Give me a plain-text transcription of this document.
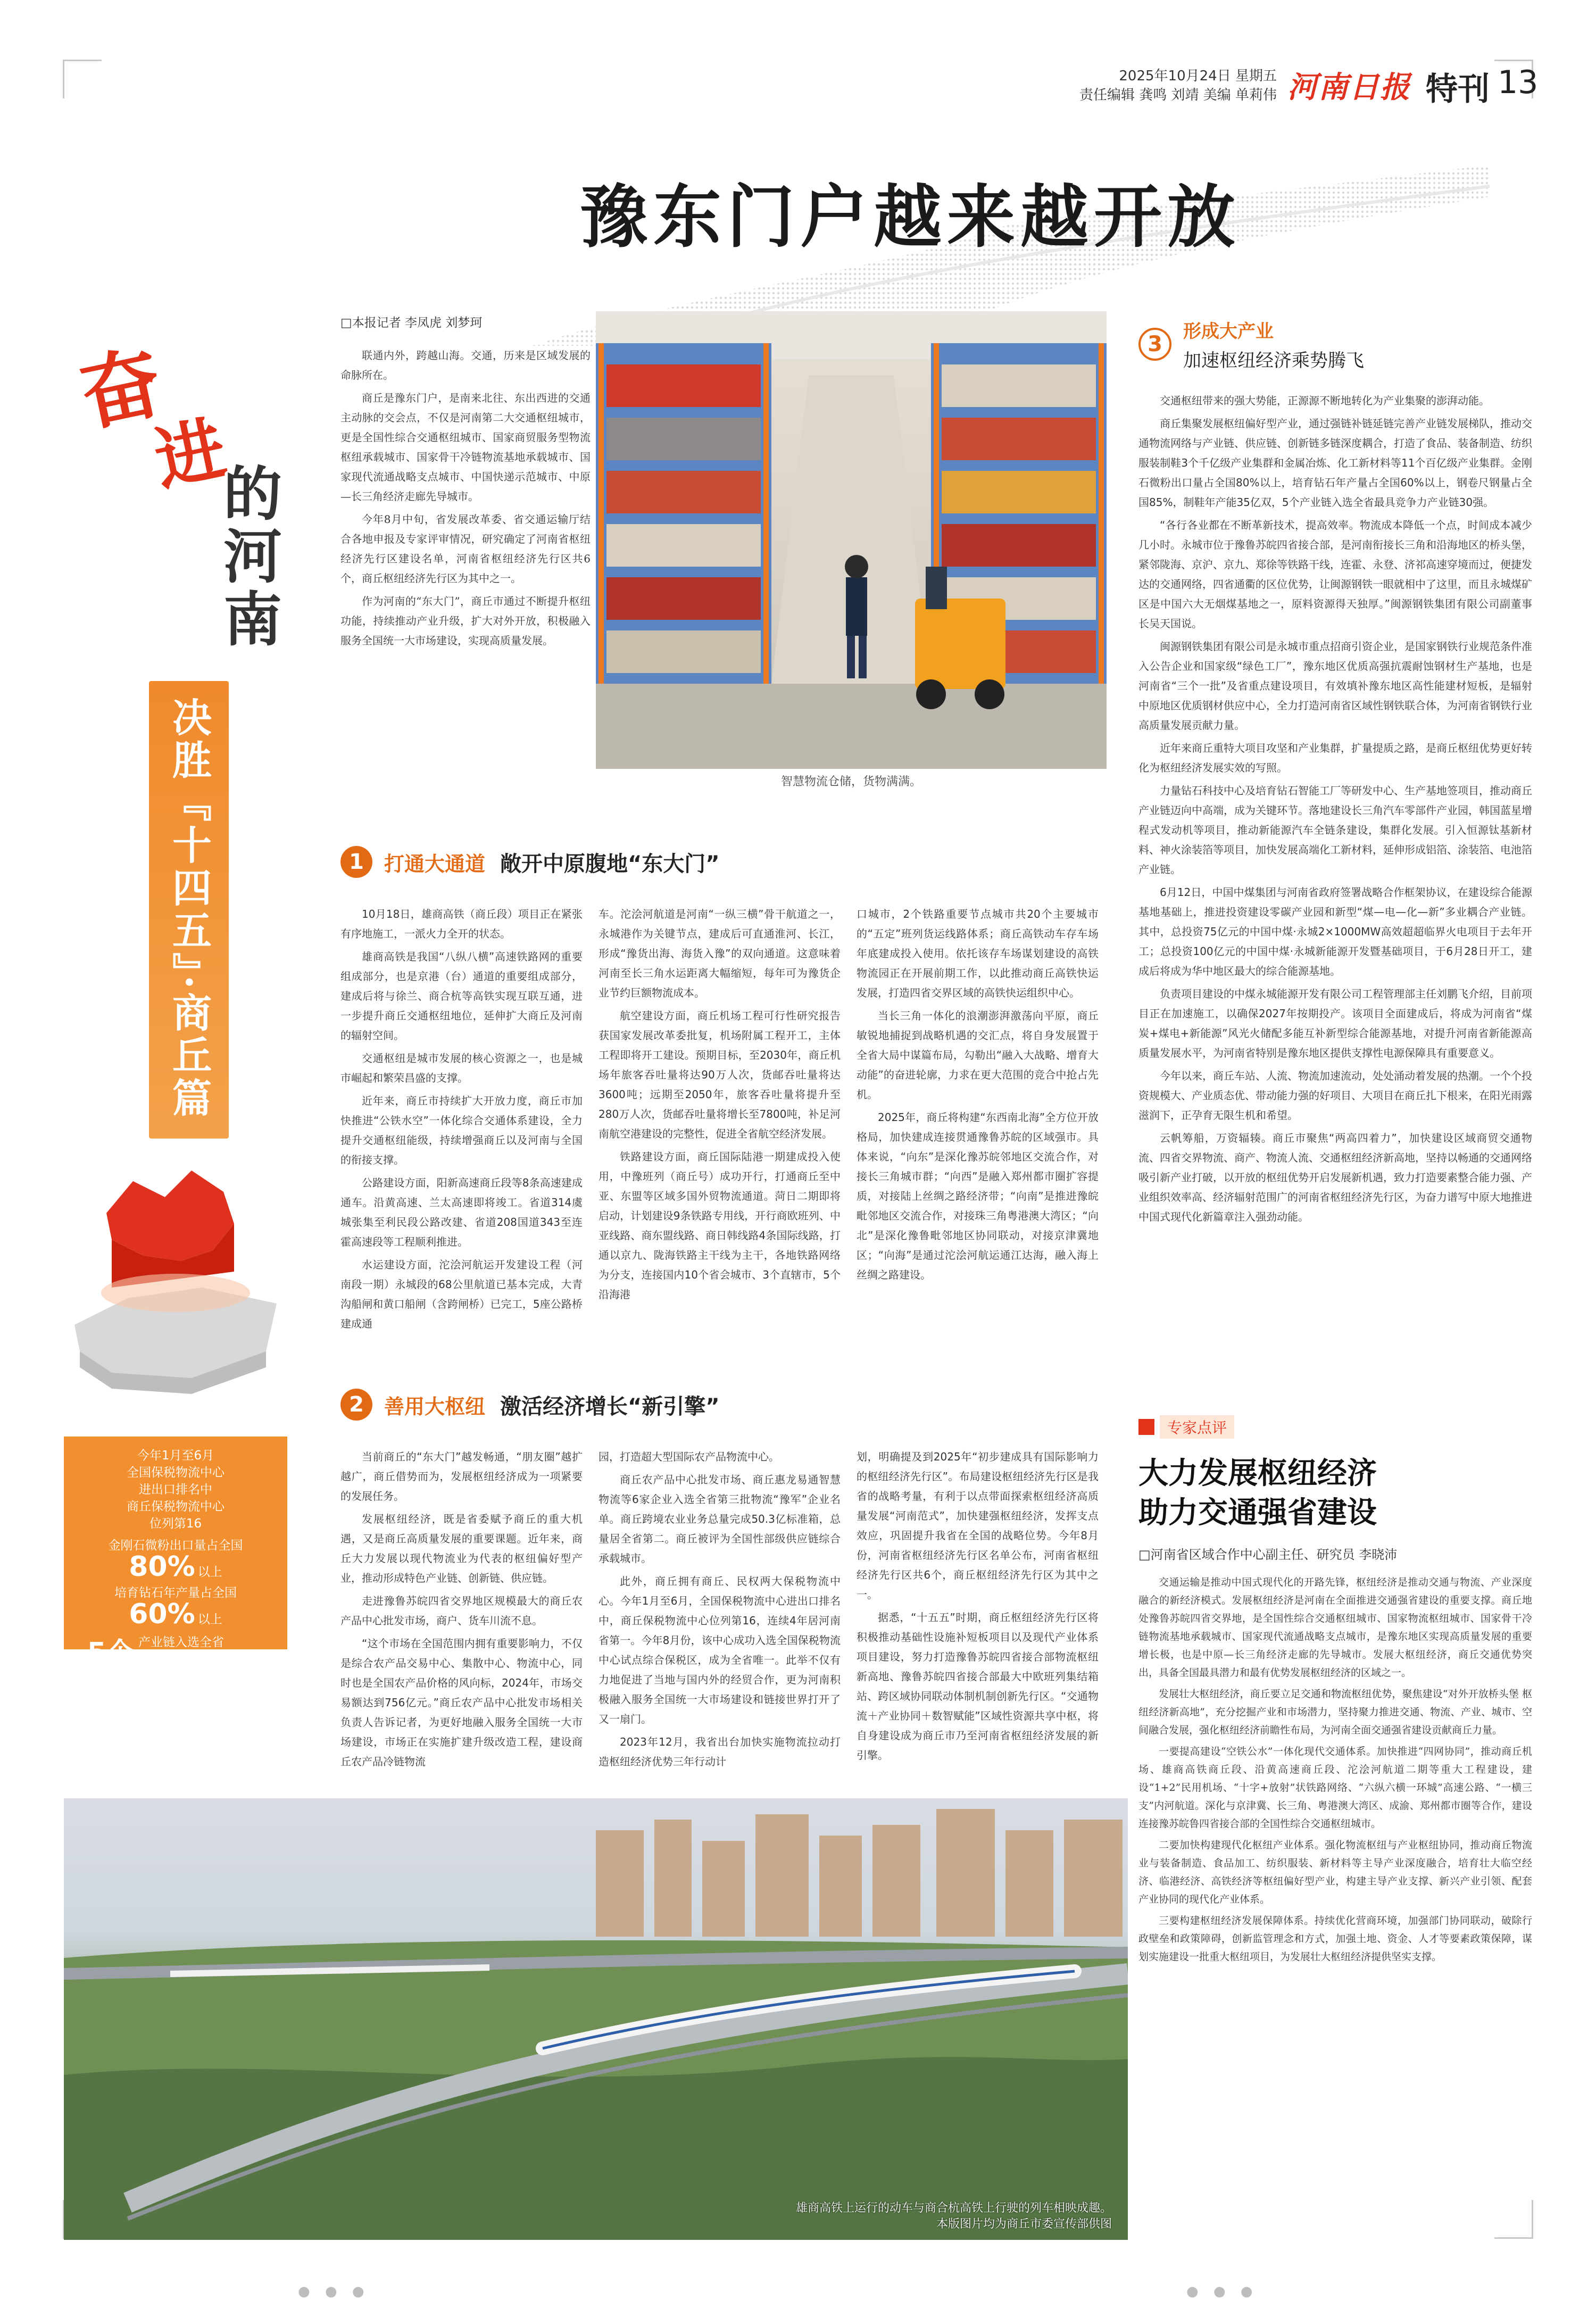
2025年10月24日 星期五
责任编辑 龚鸣 刘靖 美编 单莉伟 河南日报 特刊 13
豫东门户越来越开放
奋
进
的河南
决胜『十四五』·商丘篇
今年1月至6月
全国保税物流中心
进出口排名中
商丘保税物流中心
位列第16
金刚石微粉出口量占全国
80% 以上
培育钻石年产量占全国
60% 以上
5个 产业链入选全省
最具竞争力产业链30强
□本报记者 李凤虎 刘梦珂

联通内外，跨越山海。交通，历来是区域发展的命脉所在。

商丘是豫东门户，是南来北往、东出西进的交通主动脉的交会点，不仅是河南第二大交通枢纽城市，更是全国性综合交通枢纽城市、国家商贸服务型物流枢纽承载城市、国家骨干冷链物流基地承载城市、国家现代流通战略支点城市、中国快递示范城市、中原—长三角经济走廊先导城市。

今年8月中旬，省发展改革委、省交通运输厅结合各地申报及专家评审情况，研究确定了河南省枢纽经济先行区建设名单，河南省枢纽经济先行区共6个，商丘枢纽经济先行区为其中之一。

作为河南的“东大门”，商丘市通过不断提升枢纽功能，持续推动产业升级，扩大对外开放，积极融入服务全国统一大市场建设，实现高质量发展。

智慧物流仓储，货物满满。
3
形成大产业
加速枢纽经济乘势腾飞

交通枢纽带来的强大势能，正源源不断地转化为产业集聚的澎湃动能。

商丘集聚发展枢纽偏好型产业，通过强链补链延链完善产业链发展梯队，推动交通物流网络与产业链、供应链、创新链多链深度耦合，打造了食品、装备制造、纺织服装制鞋3个千亿级产业集群和金属冶炼、化工新材料等11个百亿级产业集群。金刚石微粉出口量占全国80%以上，培育钻石年产量占全国60%以上，钢卷尺钢量占全国85%，制鞋年产能35亿双，5个产业链入选全省最具竞争力产业链30强。

“各行各业都在不断革新技术，提高效率。物流成本降低一个点，时间成本减少几小时。永城市位于豫鲁苏皖四省接合部，是河南衔接长三角和沿海地区的桥头堡，紧邻陇海、京沪、京九、郑徐等铁路干线，连霍、永登、济祁高速穿境而过，便捷发达的交通网络，四省通衢的区位优势，让闽源钢铁一眼就相中了这里，而且永城煤矿区是中国六大无烟煤基地之一，原料资源得天独厚。”闽源钢铁集团有限公司副董事长吴天国说。

闽源钢铁集团有限公司是永城市重点招商引资企业，是国家钢铁行业规范条件准入公告企业和国家级“绿色工厂”，豫东地区优质高强抗震耐蚀钢材生产基地，也是河南省“三个一批”及省重点建设项目，有效填补豫东地区高性能建材短板，是辐射中原地区优质钢材供应中心，全力打造河南省区域性钢铁联合体，为河南省钢铁行业高质量发展贡献力量。

近年来商丘重特大项目攻坚和产业集群，扩量提质之路，是商丘枢纽优势更好转化为枢纽经济发展实效的写照。

力量钻石科技中心及培育钻石智能工厂等研发中心、生产基地签项目，推动商丘产业链迈向中高端，成为关键环节。落地建设长三角汽车零部件产业园，韩国蓝星增程式发动机等项目，推动新能源汽车全链条建设，集群化发展。引入恒源钛基新材料、神火涂装箔等项目，加快发展高端化工新材料，延伸形成铝箔、涂装箔、电池箔产业链。

6月12日，中国中煤集团与河南省政府签署战略合作框架协议，在建设综合能源基地基础上，推进投资建设零碳产业园和新型“煤—电—化—新”多业耦合产业链。其中，总投资75亿元的中国中煤·永城2×1000MW高效超超临界火电项目于去年开工；总投资100亿元的中国中煤·永城新能源开发暨基础项目，于6月28日开工，建成后将成为华中地区最大的综合能源基地。

负责项目建设的中煤永城能源开发有限公司工程管理部主任刘鹏飞介绍，目前项目正在加速施工，以确保2027年按期投产。该项目全面建成后，将成为河南省“煤炭+煤电+新能源”风光火储配多能互补新型综合能源基地，对提升河南省新能源高质量发展水平，为河南省特别是豫东地区提供支撑性电源保障具有重要意义。

今年以来，商丘车站、人流、物流加速流动，处处涌动着发展的热潮。一个个投资规模大、产业质态优、带动能力强的好项目、大项目在商丘扎下根来，在阳光雨露滋润下，正孕育无限生机和希望。

云帆筹船，万资辐辏。商丘市聚焦“两高四着力”，加快建设区域商贸交通物流、四省交界物流、商产、物流人流、交通枢纽经济新高地，坚持以畅通的交通网络吸引新产业打破，以开放的枢纽优势开启发展新机遇，致力打造要素整合能力强、产业组织效率高、经济辐射范围广的河南省枢纽经济先行区，为奋力谱写中原大地推进中国式现代化新篇章注入强劲动能。

1	打通大通道 敞开中原腹地“东大门”

10月18日，雄商高铁（商丘段）项目正在紧张有序地施工，一派火力全开的状态。

雄商高铁是我国“八纵八横”高速铁路网的重要组成部分，也是京港（台）通道的重要组成部分，建成后将与徐兰、商合杭等高铁实现互联互通，进一步提升商丘交通枢纽地位，延伸扩大商丘及河南的辐射空间。

交通枢纽是城市发展的核心资源之一，也是城市崛起和繁荣昌盛的支撑。

近年来，商丘市持续扩大开放力度，商丘市加快推进“公铁水空”一体化综合交通体系建设，全力提升交通枢纽能级，持续增强商丘以及河南与全国的衔接支撑。

公路建设方面，阳新高速商丘段等8条高速建成通车。沿黄高速、兰太高速即将竣工。省道314虞城张集至利民段公路改建、省道208国道343至连霍高速段等工程顺利推进。

水运建设方面，沱浍河航运开发建设工程（河南段一期）永城段的68公里航道已基本完成，大青沟船闸和黄口船闸（含跨闸桥）已完工，5座公路桥建成通

车。沱浍河航道是河南“一纵三横”骨干航道之一，永城港作为关键节点，建成后可直通淮河、长江，形成“豫货出海、海货入豫”的双向通道。这意味着河南至长三角水运距离大幅缩短，每年可为豫货企业节约巨额物流成本。

航空建设方面，商丘机场工程可行性研究报告获国家发展改革委批复，机场附属工程开工，主体工程即将开工建设。预期目标，至2030年，商丘机场年旅客吞吐量将达90万人次，货邮吞吐量将达3600吨；远期至2050年，旅客吞吐量将提升至280万人次，货邮吞吐量将增长至7800吨，补足河南航空港建设的完整性，促进全省航空经济发展。

铁路建设方面，商丘国际陆港一期建成投入使用，中豫班列（商丘号）成功开行，打通商丘至中亚、东盟等区域多国外贸物流通道。菏日二期即将启动，计划建设9条铁路专用线，开行商欧班列、中亚线路、商东盟线路、商日韩线路4条国际线路，打通以京九、陇海铁路主干线为主干，各地铁路网络为分支，连接国内10个省会城市、3个直辖市，5个沿海港

口城市，2个铁路重要节点城市共20个主要城市的“五定”班列货运线路体系；商丘高铁动车存车场年底建成投入使用。依托该存车场谋划建设的高铁物流园正在开展前期工作，以此推动商丘高铁快运发展，打造四省交界区域的高铁快运组织中心。

当长三角一体化的浪潮澎湃激荡向平原，商丘敏锐地捕捉到战略机遇的交汇点，将自身发展置于全省大局中谋篇布局，勾勒出“融入大战略、增育大动能”的奋进轮廓，力求在更大范围的竞合中抢占先机。

2025年，商丘将构建“东西南北海”全方位开放格局，加快建成连接贯通豫鲁苏皖的区域强市。具体来说，“向东”是深化豫苏皖邻地区交流合作，对接长三角城市群；“向西”是融入郑州都市圈扩容提质，对接陆上丝绸之路经济带；“向南”是推进豫皖毗邻地区交流合作，对接珠三角粤港澳大湾区；“向北”是深化豫鲁毗邻地区协同联动，对接京津冀地区；“向海”是通过沱浍河航运通江达海，融入海上丝绸之路建设。

2	善用大枢纽 激活经济增长“新引擎”

当前商丘的“东大门”越发畅通，“朋友圈”越扩越广，商丘借势而为，发展枢纽经济成为一项紧要的发展任务。

发展枢纽经济，既是省委赋予商丘的重大机遇，又是商丘高质量发展的重要课题。近年来，商丘大力发展以现代物流业为代表的枢纽偏好型产业，推动形成特色产业链、创新链、供应链。

走进豫鲁苏皖四省交界地区规模最大的商丘农产品中心批发市场，商户、货车川流不息。

“这个市场在全国范围内拥有重要影响力，不仅是综合农产品交易中心、集散中心、物流中心，同时也是全国农产品价格的风向标，2024年，市场交易额达到756亿元。”商丘农产品中心批发市场相关负责人告诉记者，为更好地融入服务全国统一大市场建设，市场正在实施扩建升级改造工程，建设商丘农产品冷链物流

园，打造超大型国际农产品物流中心。

商丘农产品中心批发市场、商丘惠龙易通智慧物流等6家企业入选全省第三批物流“豫军”企业名单。商丘跨境农业业务总量完成50.3亿标准箱，总量居全省第二。商丘被评为全国性部级供应链综合承载城市。

此外，商丘拥有商丘、民权两大保税物流中心。今年1月至6月，全国保税物流中心进出口排名中，商丘保税物流中心位列第16，连续4年居河南省第一。今年8月份，该中心成功入选全国保税物流中心试点综合保税区，成为全省唯一。此举不仅有力地促进了当地与国内外的经贸合作，更为河南积极融入服务全国统一大市场建设和链接世界打开了又一扇门。

2023年12月，我省出台加快实施物流拉动打造枢纽经济优势三年行动计

划，明确提及到2025年“初步建成具有国际影响力的枢纽经济先行区”。布局建设枢纽经济先行区是我省的战略考量，有利于以点带面探索枢纽经济高质量发展“河南范式”，加快建强枢纽经济，发挥支点效应，巩固提升我省在全国的战略位势。今年8月份，河南省枢纽经济先行区名单公布，河南省枢纽经济先行区共6个，商丘枢纽经济先行区为其中之一。

据悉，“十五五”时期，商丘枢纽经济先行区将积极推动基础性设施补短板项目以及现代产业体系项目建设，努力打造豫鲁苏皖四省接合部物流枢纽新高地、豫鲁苏皖四省接合部最大中欧班列集结箱站、跨区域协同联动体制机制创新先行区。“交通物流＋产业协同＋数智赋能”区域性资源共享中枢，将自身建设成为商丘市乃至河南省枢纽经济发展的新引擎。

雄商高铁上运行的动车与商合杭高铁上行驶的列车相映成趣。
本版图片均为商丘市委宣传部供图
专家点评
大力发展枢纽经济
助力交通强省建设
□河南省区域合作中心副主任、研究员 李晓沛

交通运输是推动中国式现代化的开路先锋，枢纽经济是推动交通与物流、产业深度融合的新经济模式。发展枢纽经济是河南在全面推进交通强省建设的重要支撑。商丘地处豫鲁苏皖四省交界地，是全国性综合交通枢纽城市、国家物流枢纽城市、国家骨干冷链物流基地承载城市、国家现代流通战略支点城市，是豫东地区实现高质量发展的重要增长极，也是中原—长三角经济走廊的先导城市。发展大枢纽经济，商丘交通优势突出，具备全国最具潜力和最有优势发展枢纽经济的区域之一。

发展壮大枢纽经济，商丘要立足交通和物流枢纽优势，聚焦建设“对外开放桥头堡 枢纽经济新高地”，充分挖掘产业和市场潜力，坚持聚力推进交通、物流、产业、城市、空间融合发展，强化枢纽经济前瞻性布局，为河南全面交通强省建设贡献商丘力量。

一要提高建设“空铁公水”一体化现代交通体系。加快推进“四网协同”，推动商丘机场、雄商高铁商丘段、沿黄高速商丘段、沱浍河航道二期等重大工程建设，建设“1+2”民用机场、“十字+放射”状铁路网络、“六纵六横一环城”高速公路、“一横三支”内河航道。深化与京津冀、长三角、粤港澳大湾区、成渝、郑州都市圈等合作，建设连接豫苏皖鲁四省接合部的全国性综合交通枢纽城市。

二要加快构建现代化枢纽产业体系。强化物流枢纽与产业枢纽协同，推动商丘物流业与装备制造、食品加工、纺织服装、新材料等主导产业深度融合，培育壮大临空经济、临港经济、高铁经济等枢纽偏好型产业，构建主导产业支撑、新兴产业引领、配套产业协同的现代化产业体系。

三要构建枢纽经济发展保障体系。持续优化营商环境，加强部门协同联动，破除行政壁垒和政策障碍，创新监管理念和方式，加强土地、资金、人才等要素政策保障，谋划实施建设一批重大枢纽项目，为发展壮大枢纽经济提供坚实支撑。

● ● ●	● ● ●
